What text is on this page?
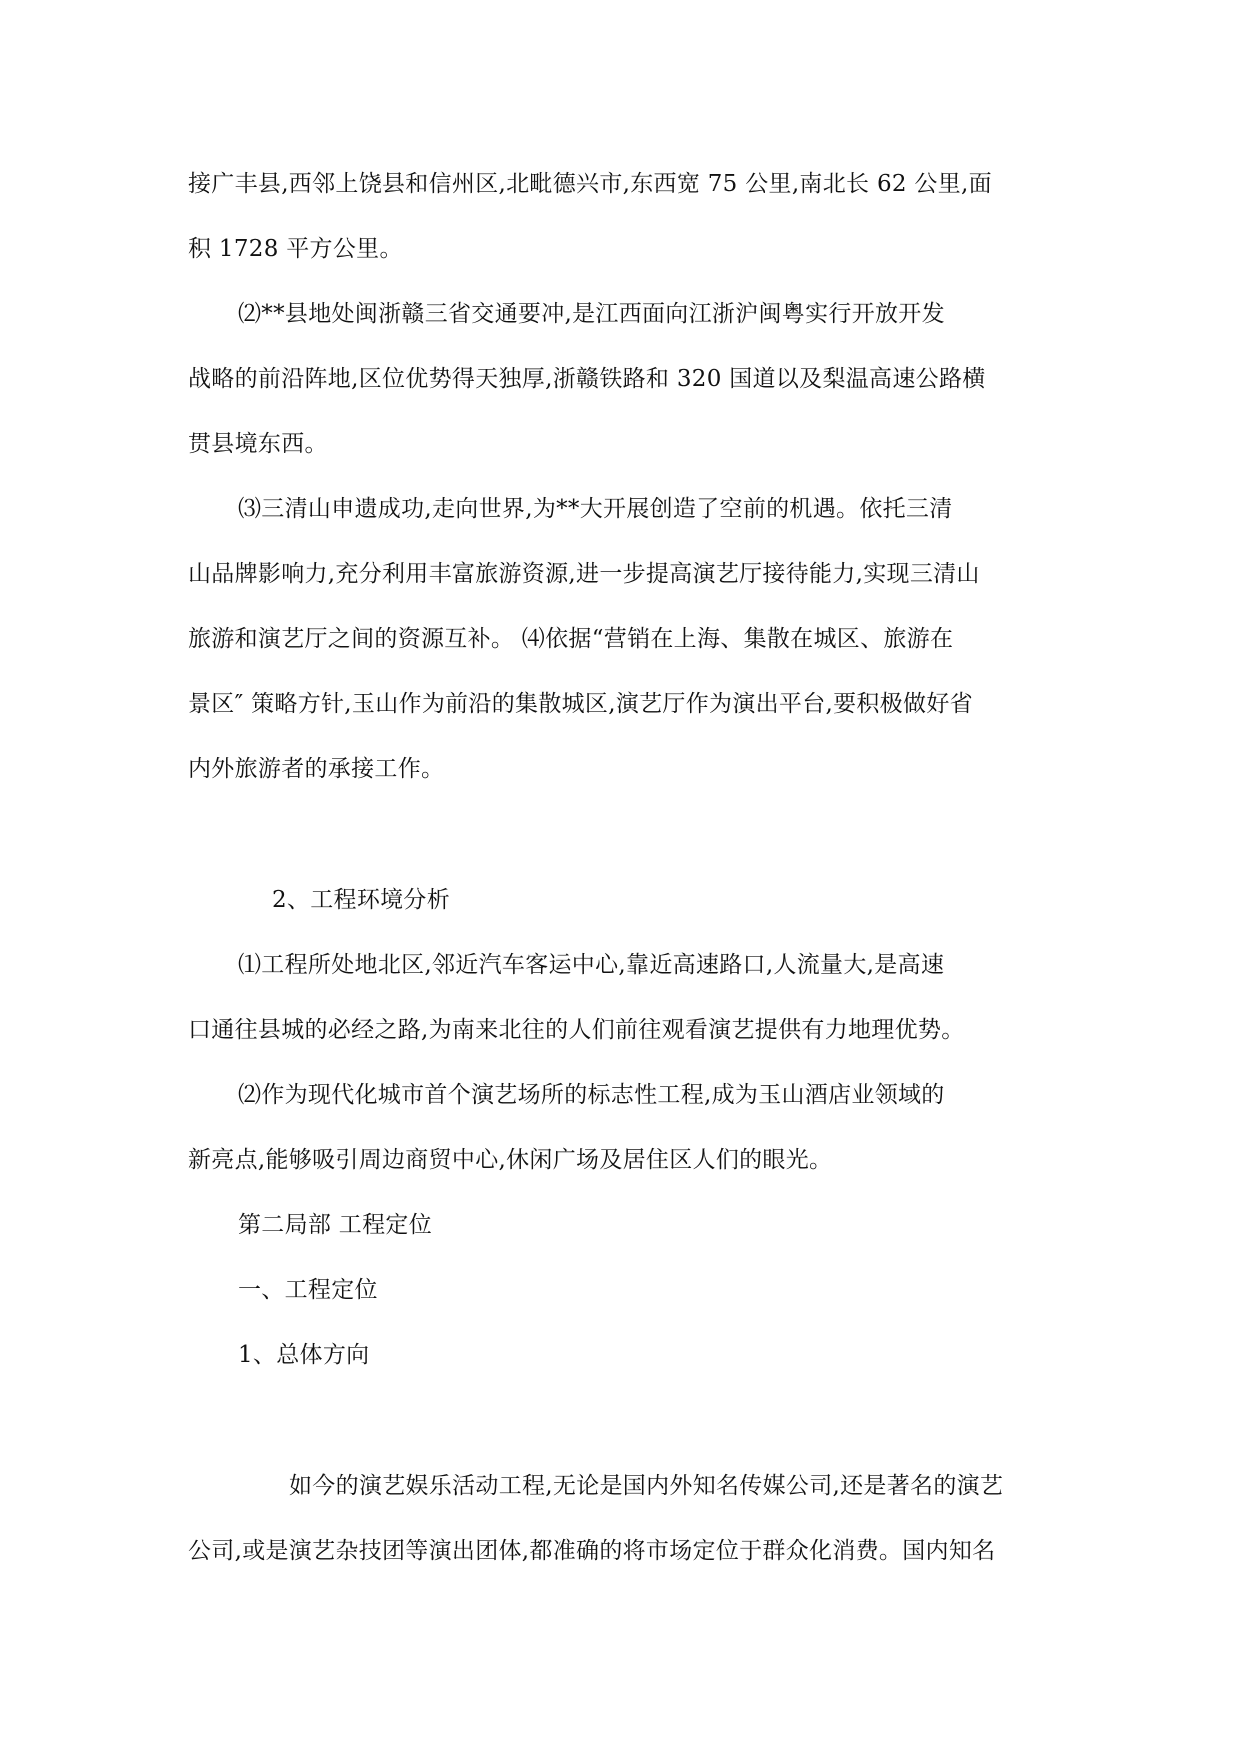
接广丰县,西邻上饶县和信州区,北毗德兴市,东西宽 75 公里,南北长 62 公里,面
积 1728 平方公里。
⑵**县地处闽浙赣三省交通要冲,是江西面向江浙沪闽粤实行开放开发
战略的前沿阵地,区位优势得天独厚,浙赣铁路和 320 国道以及梨温高速公路横
贯县境东西。
⑶三清山申遗成功,走向世界,为**大开展创造了空前的机遇。依托三清
山品牌影响力,充分利用丰富旅游资源,进一步提高演艺厅接待能力,实现三清山
旅游和演艺厅之间的资源互补。 ⑷依据“营销在上海、集散在城区、旅游在
景区″ 策略方针,玉山作为前沿的集散城区,演艺厅作为演出平台,要积极做好省
内外旅游者的承接工作。
2、工程环境分析
⑴工程所处地北区,邻近汽车客运中心,靠近高速路口,人流量大,是高速
口通往县城的必经之路,为南来北往的人们前往观看演艺提供有力地理优势。
⑵作为现代化城市首个演艺场所的标志性工程,成为玉山酒店业领域的
新亮点,能够吸引周边商贸中心,休闲广场及居住区人们的眼光。
第二局部 工程定位
一、工程定位
1、总体方向
如今的演艺娱乐活动工程,无论是国内外知名传媒公司,还是著名的演艺
公司,或是演艺杂技团等演出团体,都准确的将市场定位于群众化消费。国内知名
